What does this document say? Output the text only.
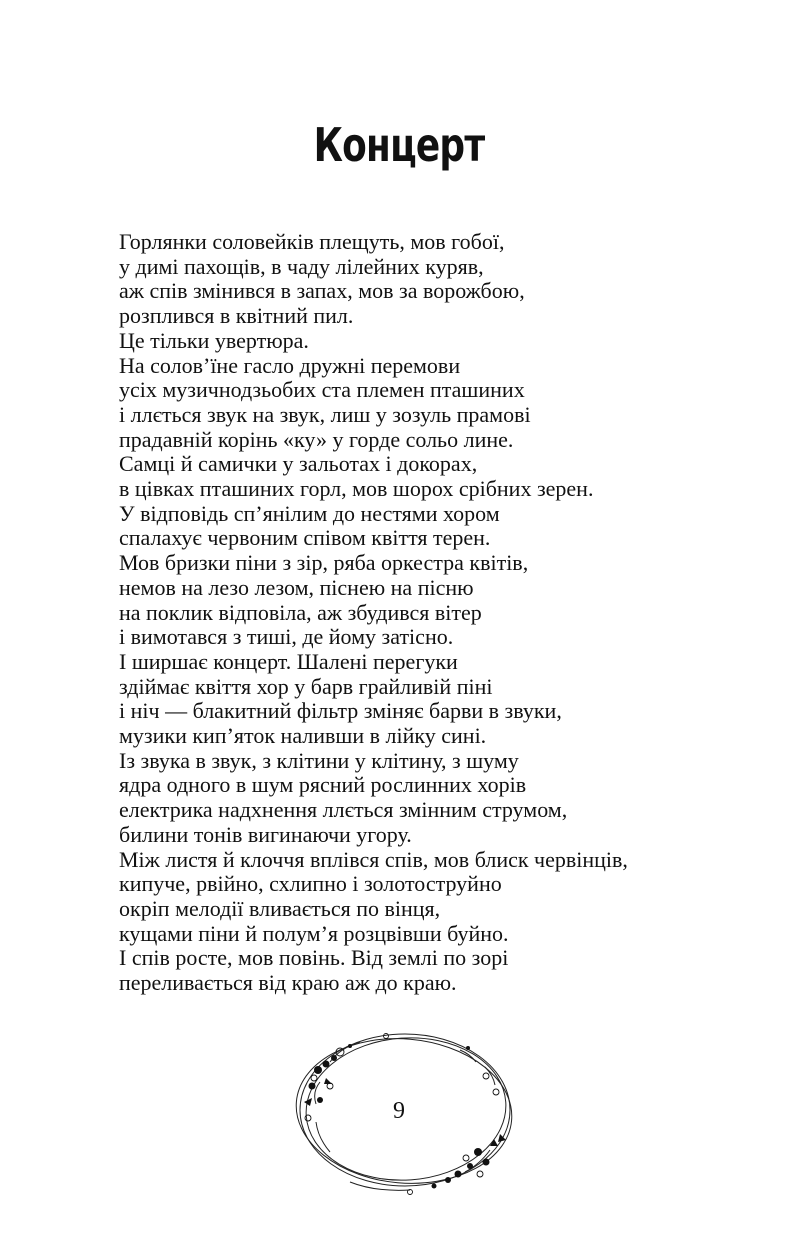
Концерт
Горлянки соловейків плещуть, мов гобої,
у димі пахощів, в чаду лілейних куряв,
аж спів змінився в запах, мов за ворожбою,
розплився в квітний пил.
Це тільки увертюра.
На солов’їне гасло дружні перемови
усіх музичнодзьобих ста племен пташиних
і ллється звук на звук, лиш у зозуль прамові
прадавній корінь «ку» у горде сольо лине.
Самці й самички у зальотах і докорах,
в цівках пташиних горл, мов шорох срібних зерен.
У відповідь сп’янілим до нестями хором
спалахує червоним співом квіття терен.
Мов бризки піни з зір, ряба оркестра квітів,
немов на лезо лезом, піснею на пісню
на поклик відповіла, аж збудився вітер
і вимотався з тиші, де йому затісно.
І ширшає концерт. Шалені перегуки
здіймає квіття хор у барв грайливій піні
і ніч — блакитний фільтр зміняє барви в звуки,
музики кип’яток наливши в лійку сині.
Із звука в звук, з клітини у клітину, з шуму
ядра одного в шум рясний рослинних хорів
електрика надхнення ллється змінним струмом,
билини тонів вигинаючи угору.
Між листя й клоччя вплівся спів, мов блиск червінців,
кипуче, рвійно, схлипно і золотоструйно
окріп мелодії вливається по вінця,
кущами піни й полум’я розцвівши буйно.
І спів росте, мов повінь. Від землі по зорі
переливається від краю аж до краю.
9
